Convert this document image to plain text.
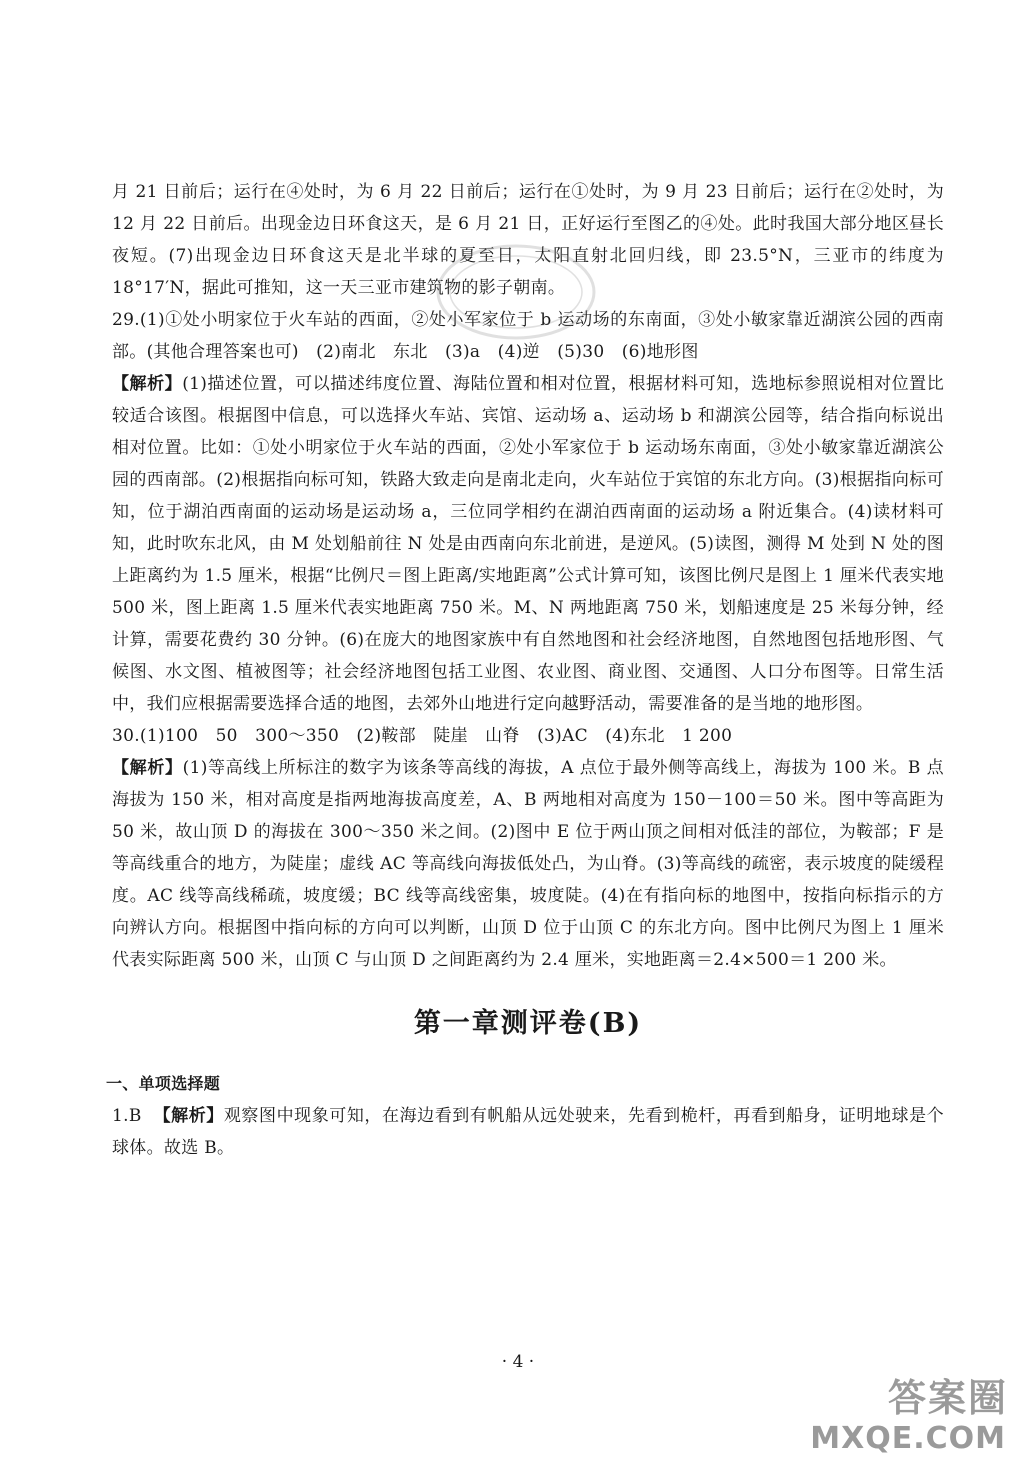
月 21 日前后；运行在④处时，为 6 月 22 日前后；运行在①处时，为 9 月 23 日前后；运行在②处时，为 12 月 22 日前后。出现金边日环食这天，是 6 月 21 日，正好运行至图乙的④处。此时我国大部分地区昼长夜短。(7)出现金边日环食这天是北半球的夏至日，太阳直射北回归线，即 23.5°N，三亚市的纬度为 18°17′N，据此可推知，这一天三亚市建筑物的影子朝南。

29.(1)①处小明家位于火车站的西面，②处小军家位于 b 运动场的东南面，③处小敏家靠近湖滨公园的西南部。(其他合理答案也可)　(2)南北　东北　(3)a　(4)逆　(5)30　(6)地形图

【解析】(1)描述位置，可以描述纬度位置、海陆位置和相对位置，根据材料可知，选地标参照说相对位置比较适合该图。根据图中信息，可以选择火车站、宾馆、运动场 a、运动场 b 和湖滨公园等，结合指向标说出相对位置。比如：①处小明家位于火车站的西面，②处小军家位于 b 运动场东南面，③处小敏家靠近湖滨公园的西南部。(2)根据指向标可知，铁路大致走向是南北走向，火车站位于宾馆的东北方向。(3)根据指向标可知，位于湖泊西南面的运动场是运动场 a，三位同学相约在湖泊西南面的运动场 a 附近集合。(4)读材料可知，此时吹东北风，由 M 处划船前往 N 处是由西南向东北前进，是逆风。(5)读图，测得 M 处到 N 处的图上距离约为 1.5 厘米，根据“比例尺＝图上距离/实地距离”公式计算可知，该图比例尺是图上 1 厘米代表实地 500 米，图上距离 1.5 厘米代表实地距离 750 米。M、N 两地距离 750 米，划船速度是 25 米每分钟，经计算，需要花费约 30 分钟。(6)在庞大的地图家族中有自然地图和社会经济地图，自然地图包括地形图、气候图、水文图、植被图等；社会经济地图包括工业图、农业图、商业图、交通图、人口分布图等。日常生活中，我们应根据需要选择合适的地图，去郊外山地进行定向越野活动，需要准备的是当地的地形图。

30.(1)100　50　300～350　(2)鞍部　陡崖　山脊　(3)AC　(4)东北　1 200

【解析】(1)等高线上所标注的数字为该条等高线的海拔，A 点位于最外侧等高线上，海拔为 100 米。B 点海拔为 150 米，相对高度是指两地海拔高度差，A、B 两地相对高度为 150－100＝50 米。图中等高距为 50 米，故山顶 D 的海拔在 300～350 米之间。(2)图中 E 位于两山顶之间相对低洼的部位，为鞍部；F 是等高线重合的地方，为陡崖；虚线 AC 等高线向海拔低处凸，为山脊。(3)等高线的疏密，表示坡度的陡缓程度。AC 线等高线稀疏，坡度缓；BC 线等高线密集，坡度陡。(4)在有指向标的地图中，按指向标指示的方向辨认方向。根据图中指向标的方向可以判断，山顶 D 位于山顶 C 的东北方向。图中比例尺为图上 1 厘米代表实际距离 500 米，山顶 C 与山顶 D 之间距离约为 2.4 厘米，实地距离＝2.4×500＝1 200 米。

第一章测评卷(B)

一、单项选择题

1.B 【解析】观察图中现象可知，在海边看到有帆船从远处驶来，先看到桅杆，再看到船身，证明地球是个球体。故选 B。

· 4 ·
答案圈
MXQE.COM
